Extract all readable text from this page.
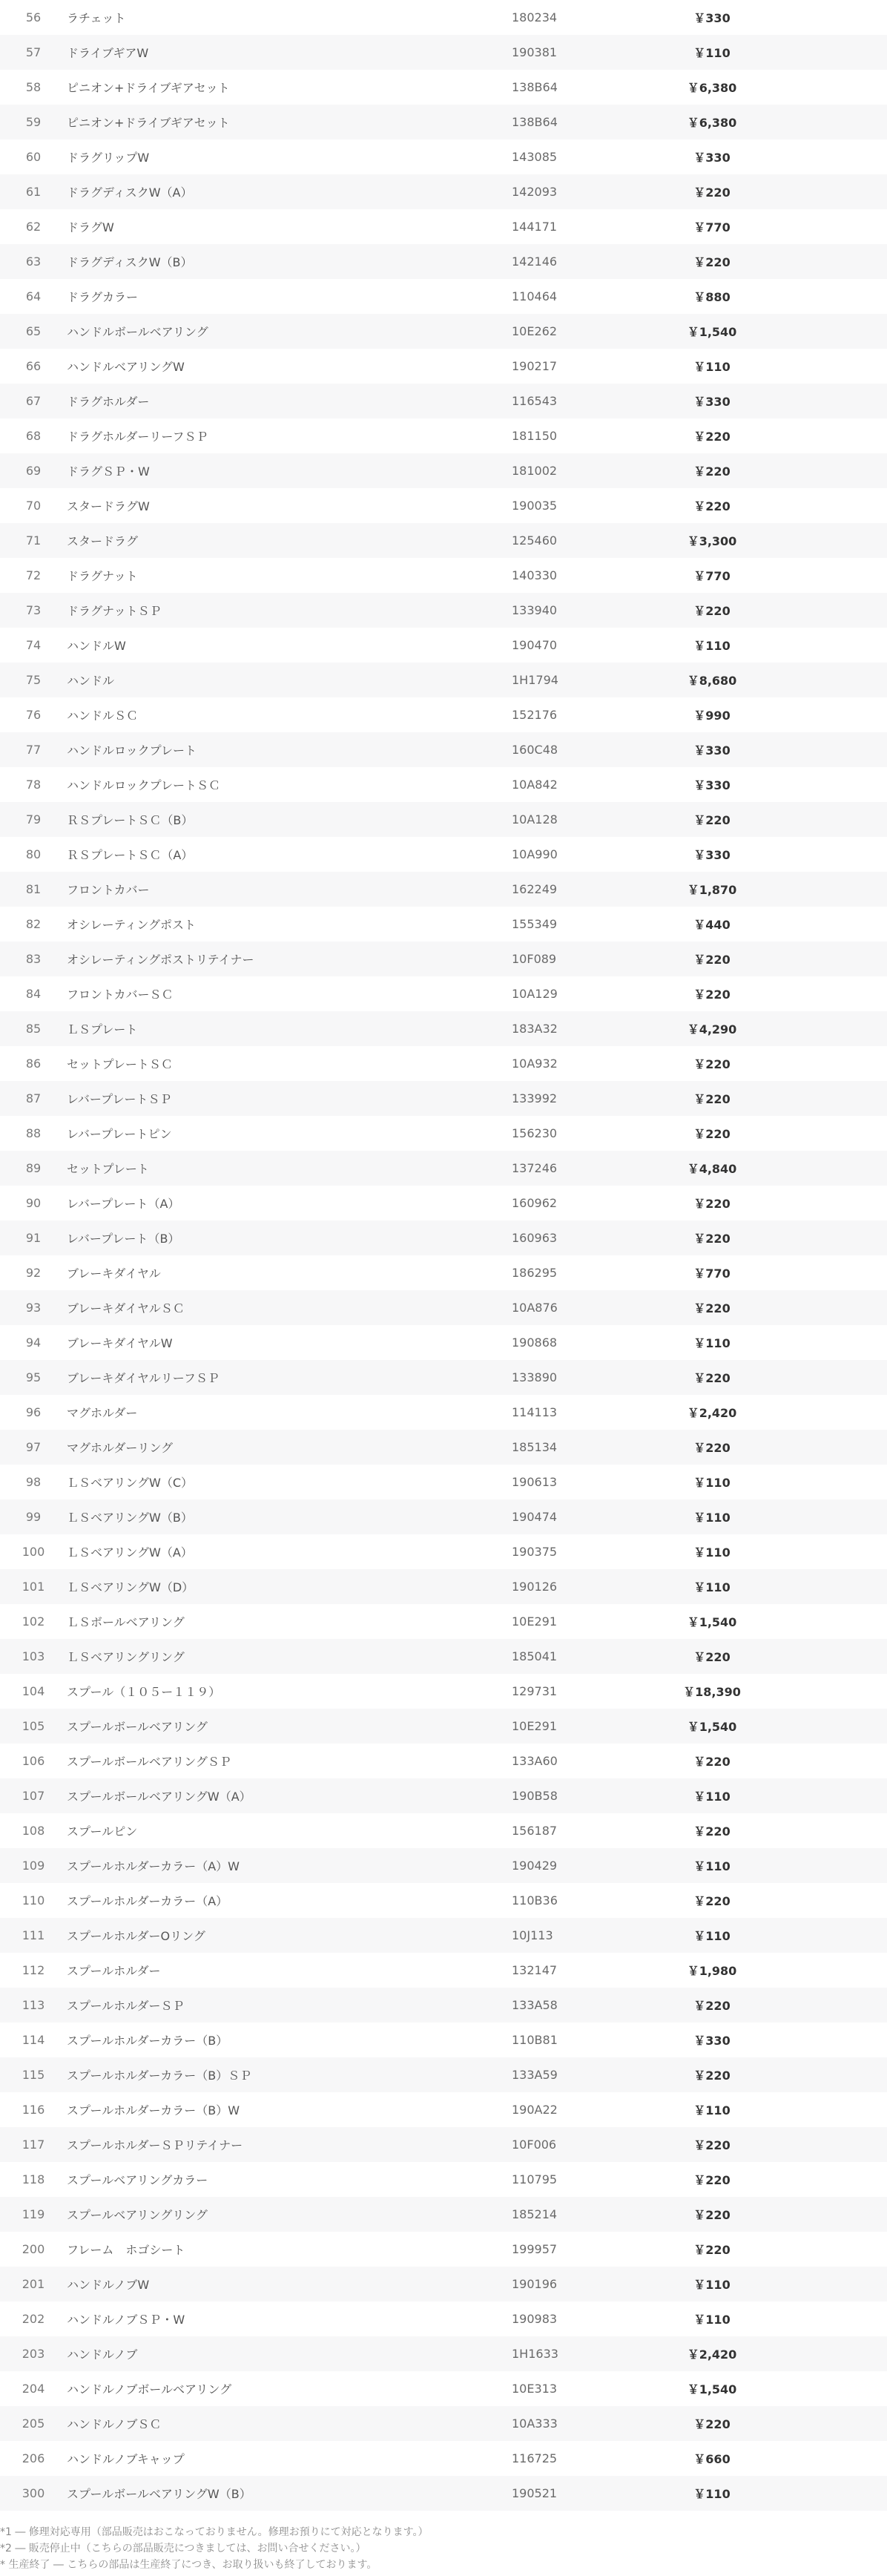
56	ラチェット	180234	￥330	
57	ドライブギアW	190381	￥110	
58	ピニオン+ドライブギアセット	138B64	￥6,380	
59	ピニオン+ドライブギアセット	138B64	￥6,380	
60	ドラグリップW	143085	￥330	
61	ドラグディスクW（A）	142093	￥220	
62	ドラグW	144171	￥770	
63	ドラグディスクW（B）	142146	￥220	
64	ドラグカラー	110464	￥880	
65	ハンドルボールベアリング	10E262	￥1,540	
66	ハンドルベアリングW	190217	￥110	
67	ドラグホルダー	116543	￥330	
68	ドラグホルダーリーフＳＰ	181150	￥220	
69	ドラグＳＰ・W	181002	￥220	
70	スタードラグW	190035	￥220	
71	スタードラグ	125460	￥3,300	
72	ドラグナット	140330	￥770	
73	ドラグナットＳＰ	133940	￥220	
74	ハンドルW	190470	￥110	
75	ハンドル	1H1794	￥8,680	
76	ハンドルＳＣ	152176	￥990	
77	ハンドルロックプレート	160C48	￥330	
78	ハンドルロックプレートＳＣ	10A842	￥330	
79	ＲＳプレートＳＣ（B）	10A128	￥220	
80	ＲＳプレートＳＣ（A）	10A990	￥330	
81	フロントカバー	162249	￥1,870	
82	オシレーティングポスト	155349	￥440	
83	オシレーティングポストリテイナー	10F089	￥220	
84	フロントカバーＳＣ	10A129	￥220	
85	ＬＳプレート	183A32	￥4,290	
86	セットプレートＳＣ	10A932	￥220	
87	レバープレートＳＰ	133992	￥220	
88	レバープレートピン	156230	￥220	
89	セットプレート	137246	￥4,840	
90	レバープレート（A）	160962	￥220	
91	レバープレート（B）	160963	￥220	
92	ブレーキダイヤル	186295	￥770	
93	ブレーキダイヤルＳＣ	10A876	￥220	
94	ブレーキダイヤルW	190868	￥110	
95	ブレーキダイヤルリーフＳＰ	133890	￥220	
96	マグホルダー	114113	￥2,420	
97	マグホルダーリング	185134	￥220	
98	ＬＳベアリングW（C）	190613	￥110	
99	ＬＳベアリングW（B）	190474	￥110	
100	ＬＳベアリングW（A）	190375	￥110	
101	ＬＳベアリングW（D）	190126	￥110	
102	ＬＳボールベアリング	10E291	￥1,540	
103	ＬＳベアリングリング	185041	￥220	
104	スプール（１０５ー１１９）	129731	￥18,390	
105	スプールボールベアリング	10E291	￥1,540	
106	スプールボールベアリングＳＰ	133A60	￥220	
107	スプールボールベアリングW（A）	190B58	￥110	
108	スプールピン	156187	￥220	
109	スプールホルダーカラー（A）W	190429	￥110	
110	スプールホルダーカラー（A）	110B36	￥220	
111	スプールホルダーOリング	10J113	￥110	
112	スプールホルダー	132147	￥1,980	
113	スプールホルダーＳＰ	133A58	￥220	
114	スプールホルダーカラー（B）	110B81	￥330	
115	スプールホルダーカラー（B）ＳＰ	133A59	￥220	
116	スプールホルダーカラー（B）W	190A22	￥110	
117	スプールホルダーＳＰリテイナー	10F006	￥220	
118	スプールベアリングカラー	110795	￥220	
119	スプールベアリングリング	185214	￥220	
200	フレーム　ホゴシート	199957	￥220	
201	ハンドルノブW	190196	￥110	
202	ハンドルノブＳＰ・W	190983	￥110	
203	ハンドルノブ	1H1633	￥2,420	
204	ハンドルノブボールベアリング	10E313	￥1,540	
205	ハンドルノブＳＣ	10A333	￥220	
206	ハンドルノブキャップ	116725	￥660	
300	スプールボールベアリングW（B）	190521	￥110	
*1 ― 修理対応専用（部品販売はおこなっておりません。修理お預りにて対応となります。）
*2 ― 販売停止中（こちらの部品販売につきましては、お問い合せください。）
* 生産終了 ― こちらの部品は生産終了につき、お取り扱いも終了しております。
